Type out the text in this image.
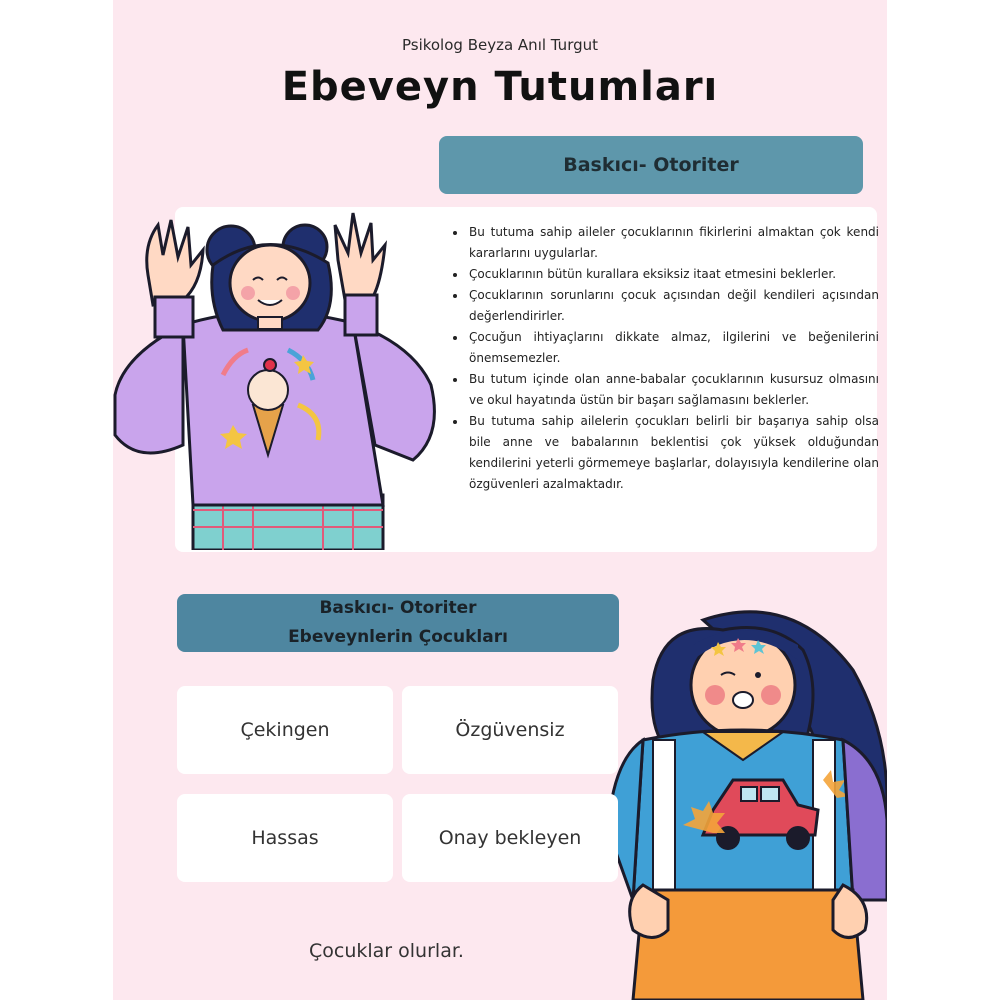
Psikolog Beyza Anıl Turgut
Ebeveyn Tutumları
Baskıcı- Otoriter
• Bu tutuma sahip aileler çocuklarının fikirlerini almaktan çok kendi kararlarını uygularlar.
• Çocuklarının bütün kurallara eksiksiz itaat etmesini beklerler.
• Çocuklarının sorunlarını çocuk açısından değil kendileri açısından değerlendirirler.
• Çocuğun ihtiyaçlarını dikkate almaz, ilgilerini ve beğenilerini önemsemezler.
• Bu tutum içinde olan anne-babalar çocuklarının kusursuz olmasını ve okul hayatında üstün bir başarı sağlamasını beklerler.
• Bu tutuma sahip ailelerin çocukları belirli bir başarıya sahip olsa bile anne ve babalarının beklentisi çok yüksek olduğundan kendilerini yeterli görmemeye başlarlar, dolayısıyla kendilerine olan özgüvenleri azalmaktadır.
Baskıcı- Otoriter
Ebeveynlerin Çocukları
Çekingen	Özgüvensiz
Hassas	Onay bekleyen
Çocuklar olurlar.
